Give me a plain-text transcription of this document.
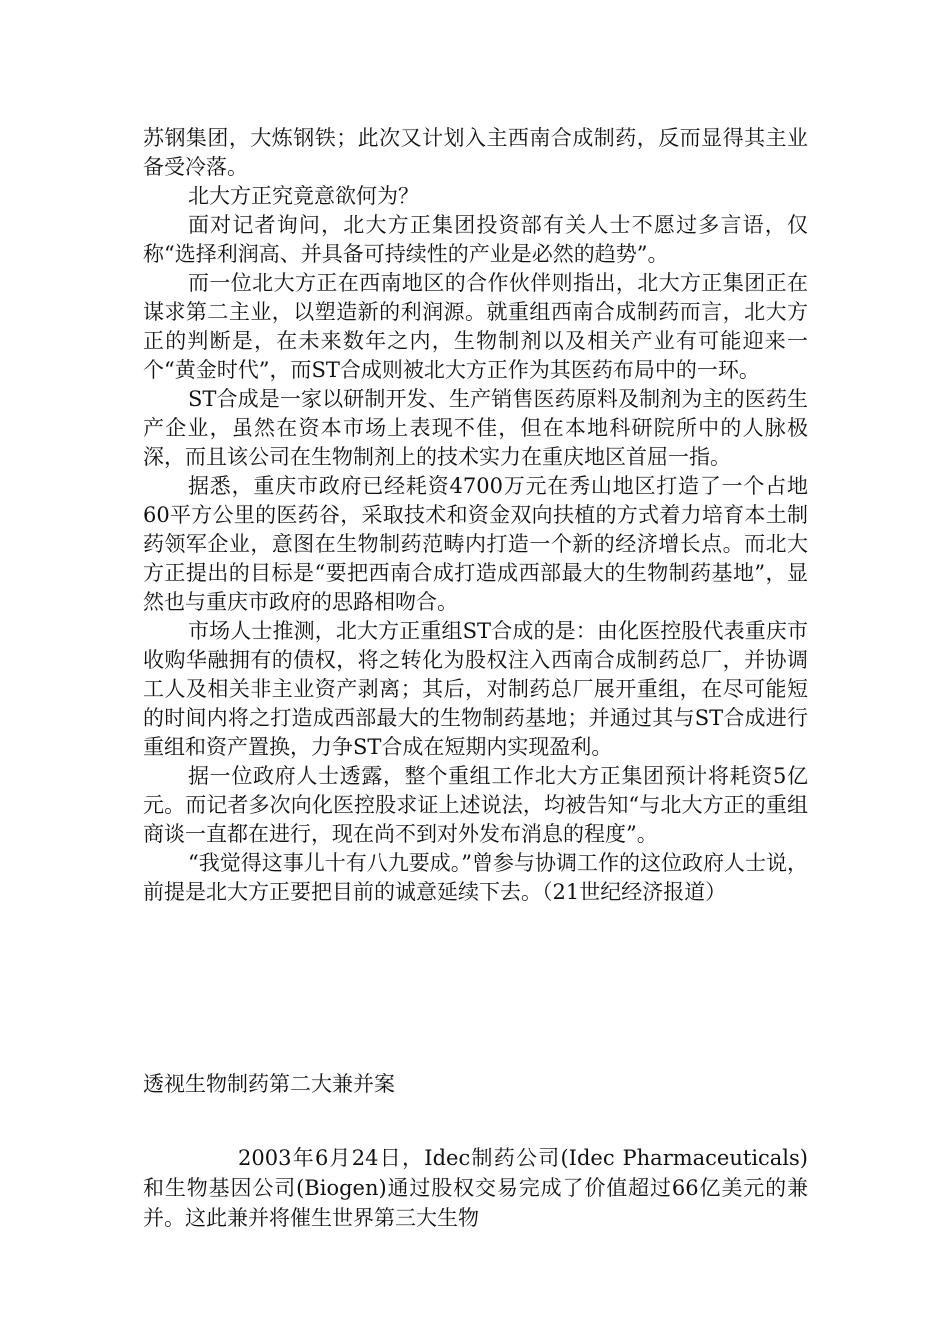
苏钢集团，大炼钢铁；此次又计划入主西南合成制药，反而显得其主业备受冷落。

北大方正究竟意欲何为？

面对记者询问，北大方正集团投资部有关人士不愿过多言语，仅称“选择利润高、并具备可持续性的产业是必然的趋势”。

而一位北大方正在西南地区的合作伙伴则指出，北大方正集团正在谋求第二主业，以塑造新的利润源。就重组西南合成制药而言，北大方正的判断是，在未来数年之内，生物制剂以及相关产业有可能迎来一个“黄金时代”，而ST合成则被北大方正作为其医药布局中的一环。

ST合成是一家以研制开发、生产销售医药原料及制剂为主的医药生产企业，虽然在资本市场上表现不佳，但在本地科研院所中的人脉极深，而且该公司在生物制剂上的技术实力在重庆地区首屈一指。

据悉，重庆市政府已经耗资4700万元在秀山地区打造了一个占地60平方公里的医药谷，采取技术和资金双向扶植的方式着力培育本土制药领军企业，意图在生物制药范畴内打造一个新的经济增长点。而北大方正提出的目标是“要把西南合成打造成西部最大的生物制药基地”，显然也与重庆市政府的思路相吻合。

市场人士推测，北大方正重组ST合成的是：由化医控股代表重庆市收购华融拥有的债权，将之转化为股权注入西南合成制药总厂，并协调工人及相关非主业资产剥离；其后，对制药总厂展开重组，在尽可能短的时间内将之打造成西部最大的生物制药基地；并通过其与ST合成进行重组和资产置换，力争ST合成在短期内实现盈利。

据一位政府人士透露，整个重组工作北大方正集团预计将耗资5亿元。而记者多次向化医控股求证上述说法，均被告知“与北大方正的重组商谈一直都在进行，现在尚不到对外发布消息的程度”。

“我觉得这事儿十有八九要成。”曾参与协调工作的这位政府人士说，前提是北大方正要把目前的诚意延续下去。（21世纪经济报道）

透视生物制药第二大兼并案

2003年6月24日，Idec制药公司(Idec Pharmaceuticals)和生物基因公司(Biogen)通过股权交易完成了价值超过66亿美元的兼并。这此兼并将催生世界第三大生物
